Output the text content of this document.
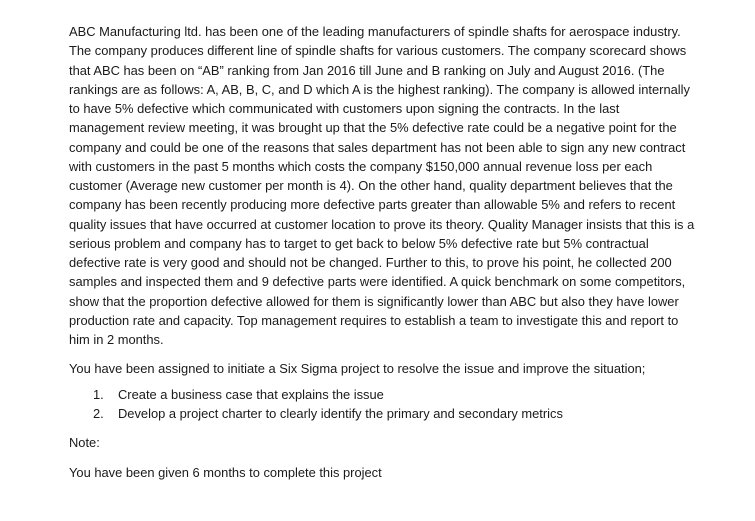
ABC Manufacturing ltd. has been one of the leading manufacturers of spindle shafts for aerospace industry. The company produces different line of spindle shafts for various customers. The company scorecard shows that ABC has been on “AB” ranking from Jan 2016 till June and B ranking on July and August 2016. (The rankings are as follows: A, AB, B, C, and D which A is the highest ranking). The company is allowed internally to have 5% defective which communicated with customers upon signing the contracts. In the last management review meeting, it was brought up that the 5% defective rate could be a negative point for the company and could be one of the reasons that sales department has not been able to sign any new contract with customers in the past 5 months which costs the company $150,000 annual revenue loss per each customer (Average new customer per month is 4). On the other hand, quality department believes that the company has been recently producing more defective parts greater than allowable 5% and refers to recent quality issues that have occurred at customer location to prove its theory. Quality Manager insists that this is a serious problem and company has to target to get back to below 5% defective rate but 5% contractual defective rate is very good and should not be changed. Further to this, to prove his point, he collected 200 samples and inspected them and 9 defective parts were identified. A quick benchmark on some competitors, show that the proportion defective allowed for them is significantly lower than ABC but also they have lower production rate and capacity. Top management requires to establish a team to investigate this and report to him in 2 months.

You have been assigned to initiate a Six Sigma project to resolve the issue and improve the situation;

1. Create a business case that explains the issue
2. Develop a project charter to clearly identify the primary and secondary metrics

Note:

You have been given 6 months to complete this project
